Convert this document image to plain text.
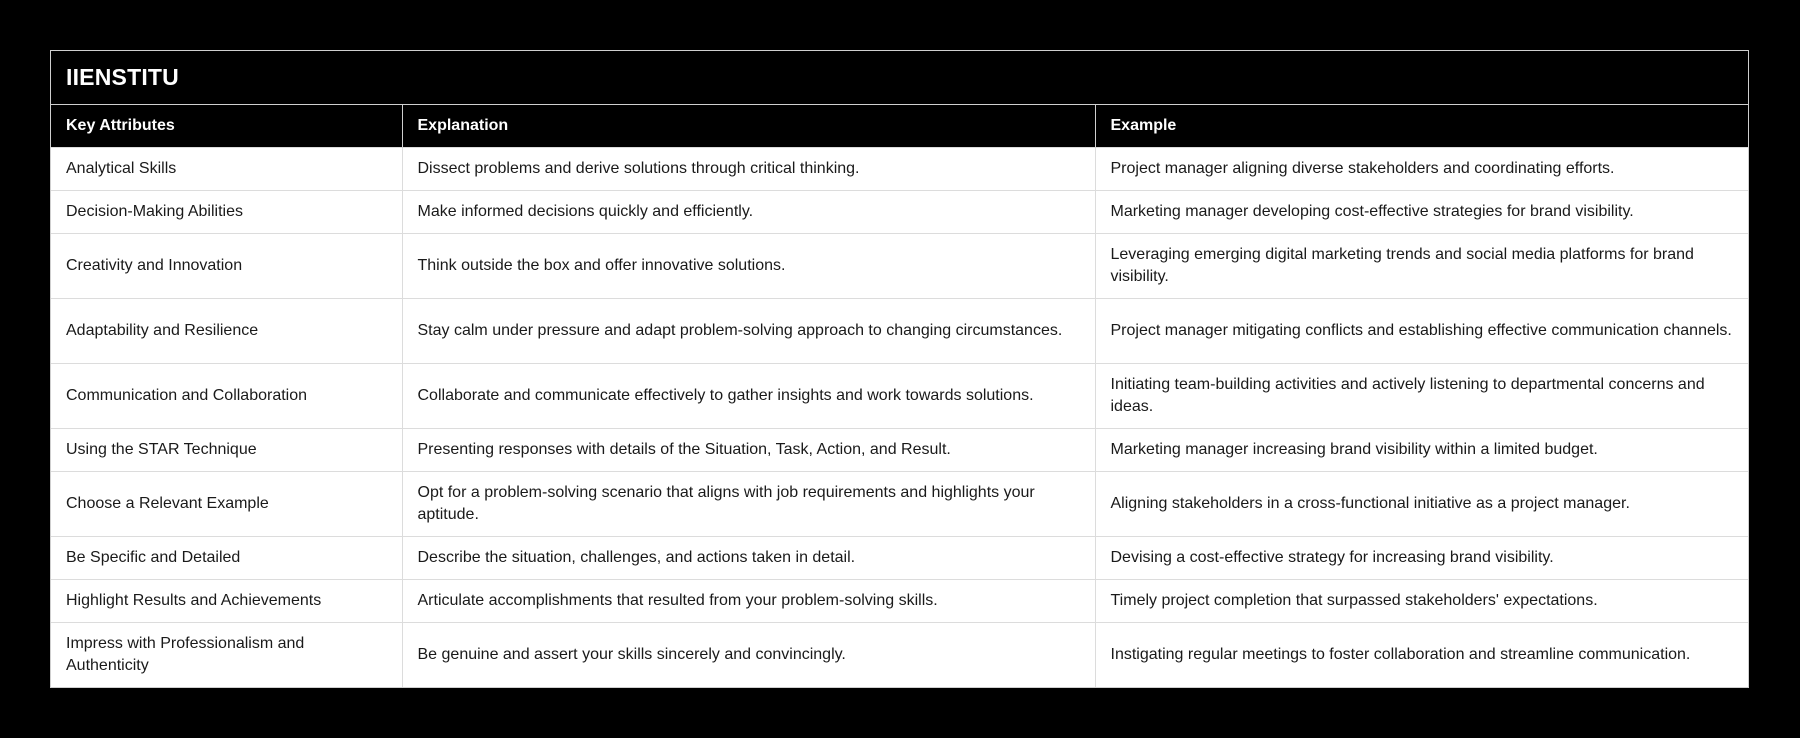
IIENSTITU
Key Attributes	Explanation	Example
Analytical Skills	Dissect problems and derive solutions through critical thinking.	Project manager aligning diverse stakeholders and coordinating efforts.
Decision-Making Abilities	Make informed decisions quickly and efficiently.	Marketing manager developing cost-effective strategies for brand visibility.
Creativity and Innovation	Think outside the box and offer innovative solutions.	Leveraging emerging digital marketing trends and social media platforms for brand visibility.
Adaptability and Resilience	Stay calm under pressure and adapt problem-solving approach to changing circumstances.	Project manager mitigating conflicts and establishing effective communication channels.
Communication and Collaboration	Collaborate and communicate effectively to gather insights and work towards solutions.	Initiating team-building activities and actively listening to departmental concerns and ideas.
Using the STAR Technique	Presenting responses with details of the Situation, Task, Action, and Result.	Marketing manager increasing brand visibility within a limited budget.
Choose a Relevant Example	Opt for a problem-solving scenario that aligns with job requirements and highlights your aptitude.	Aligning stakeholders in a cross-functional initiative as a project manager.
Be Specific and Detailed	Describe the situation, challenges, and actions taken in detail.	Devising a cost-effective strategy for increasing brand visibility.
Highlight Results and Achievements	Articulate accomplishments that resulted from your problem-solving skills.	Timely project completion that surpassed stakeholders' expectations.
Impress with Professionalism and Authenticity	Be genuine and assert your skills sincerely and convincingly.	Instigating regular meetings to foster collaboration and streamline communication.
